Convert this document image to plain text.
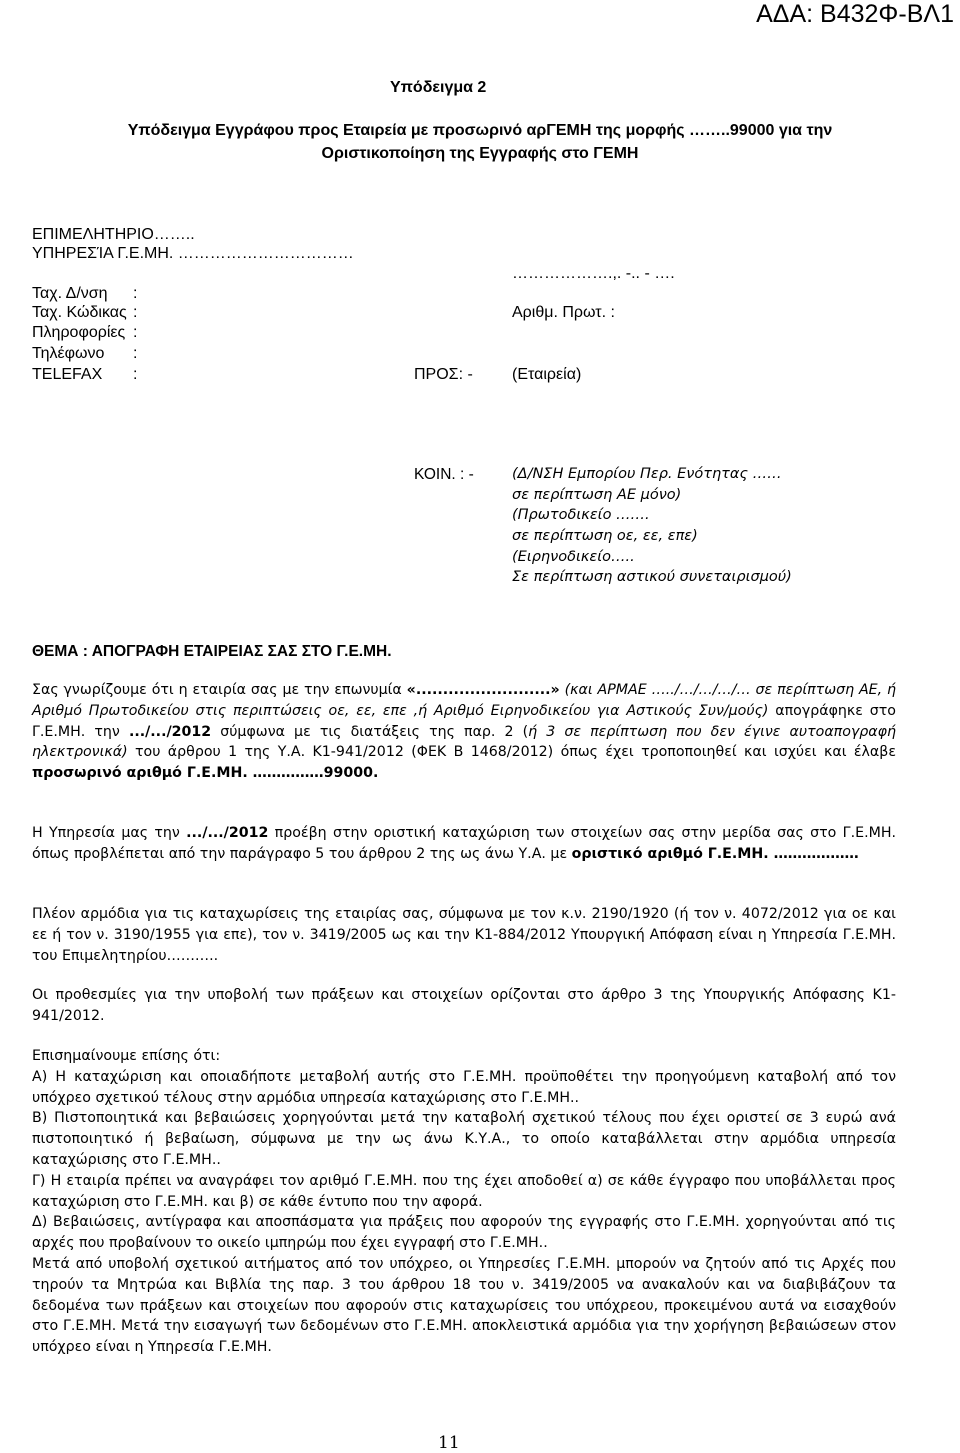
ΑΔΑ: Β432Φ-ΒΛ1
Υπόδειγμα 2
Υπόδειγμα Εγγράφου προς Εταιρεία με προσωρινό αρΓΕΜΗ της μορφής ……..99000 για την
Οριστικοποίηση της Εγγραφής στο ΓΕΜΗ
ΕΠΙΜΕΛΗΤΗΡΙΟ……..
ΥΠΗΡΕΣΊΑ Γ.Ε.ΜΗ. ……………………………
……………….,. -.. - ….
Ταχ. Δ/νση :
Ταχ. Κώδικας :	Αριθμ. Πρωτ. :
Πληροφορίες :
Τηλέφωνο :
TELEFAX :	ΠΡΟΣ: - (Εταιρεία)
ΚΟΙΝ. : -	(Δ/ΝΣΗ Εμπορίου Περ. Ενότητας ……
σε περίπτωση ΑΕ μόνο)
(Πρωτοδικείο …….
σε περίπτωση οε, εε, επε)
(Ειρηνοδικείο…..
Σε περίπτωση αστικού συνεταιρισμού)
ΘΕΜΑ : ΑΠΟΓΡΑΦΗ ΕΤΑΙΡΕΙΑΣ ΣΑΣ ΣΤΟ Γ.Ε.ΜΗ.
Σας γνωρίζουμε ότι η εταιρία σας με την επωνυμία «.........................» (και ΑΡΜΑΕ …../…/…/…/… σε περίπτωση ΑΕ, ή Αριθμό Πρωτοδικείου στις περιπτώσεις οε, εε, επε ,ή Αριθμό Ειρηνοδικείου για Αστικούς Συν/μούς) απογράφηκε στο Γ.Ε.ΜΗ. την .../.../2012 σύμφωνα με τις διατάξεις της παρ. 2 (ή 3 σε περίπτωση που δεν έγινε αυτοαπογραφή ηλεκτρονικά) του άρθρου 1 της Υ.Α. Κ1-941/2012 (ΦΕΚ Β 1468/2012) όπως έχει τροποποιηθεί και ισχύει και έλαβε προσωρινό αριθμό Γ.Ε.ΜΗ. ……………99000.
Η Υπηρεσία μας την .../.../2012 προέβη στην οριστική καταχώριση των στοιχείων σας στην μερίδα σας στο Γ.Ε.ΜΗ. όπως προβλέπεται από την παράγραφο 5 του άρθρου 2 της ως άνω Υ.Α. με οριστικό αριθμό Γ.Ε.ΜΗ. ………………
Πλέον αρμόδια για τις καταχωρίσεις της εταιρίας σας, σύμφωνα με τον κ.ν. 2190/1920 (ή τον ν. 4072/2012 για οε και εε ή τον ν. 3190/1955 για επε), τον ν. 3419/2005 ως και την Κ1-884/2012 Υπουργική Απόφαση είναι η Υπηρεσία Γ.Ε.ΜΗ. του Επιμελητηρίου………..
Οι προθεσμίες για την υποβολή των πράξεων και στοιχείων ορίζονται στο άρθρο 3 της Υπουργικής Απόφασης Κ1-941/2012.
Επισημαίνουμε επίσης ότι:
Α) Η καταχώριση και οποιαδήποτε μεταβολή αυτής στο Γ.Ε.ΜΗ. προϋποθέτει την προηγούμενη καταβολή από τον υπόχρεο σχετικού τέλους στην αρμόδια υπηρεσία καταχώρισης στο Γ.Ε.ΜΗ..
Β) Πιστοποιητικά και βεβαιώσεις χορηγούνται μετά την καταβολή σχετικού τέλους που έχει οριστεί σε 3 ευρώ ανά πιστοποιητικό ή βεβαίωση, σύμφωνα με την ως άνω Κ.Υ.Α., το οποίο καταβάλλεται στην αρμόδια υπηρεσία καταχώρισης στο Γ.Ε.ΜΗ..
Γ) Η εταιρία πρέπει να αναγράφει τον αριθμό Γ.Ε.ΜΗ. που της έχει αποδοθεί α) σε κάθε έγγραφο που υποβάλλεται προς καταχώριση στο Γ.Ε.ΜΗ. και β) σε κάθε έντυπο που την αφορά.
Δ) Βεβαιώσεις, αντίγραφα και αποσπάσματα για πράξεις που αφορούν της εγγραφής στο Γ.Ε.ΜΗ. χορηγούνται από τις αρχές που προβαίνουν το οικείο ιμπηρώμ που έχει εγγραφή στο Γ.Ε.ΜΗ..
Μετά από υποβολή σχετικού αιτήματος από τον υπόχρεο, οι Υπηρεσίες Γ.Ε.ΜΗ. μπορούν να ζητούν από τις Αρχές που τηρούν τα Μητρώα και Βιβλία της παρ. 3 του άρθρου 18 του ν. 3419/2005 να ανακαλούν και να διαβιβάζουν τα δεδομένα των πράξεων και στοιχείων που αφορούν στις καταχωρίσεις του υπόχρεου, προκειμένου αυτά να εισαχθούν στο Γ.Ε.ΜΗ. Μετά την εισαγωγή των δεδομένων στο Γ.Ε.ΜΗ. αποκλειστικά αρμόδια για την χορήγηση βεβαιώσεων στον υπόχρεο είναι η Υπηρεσία Γ.Ε.ΜΗ.
11
